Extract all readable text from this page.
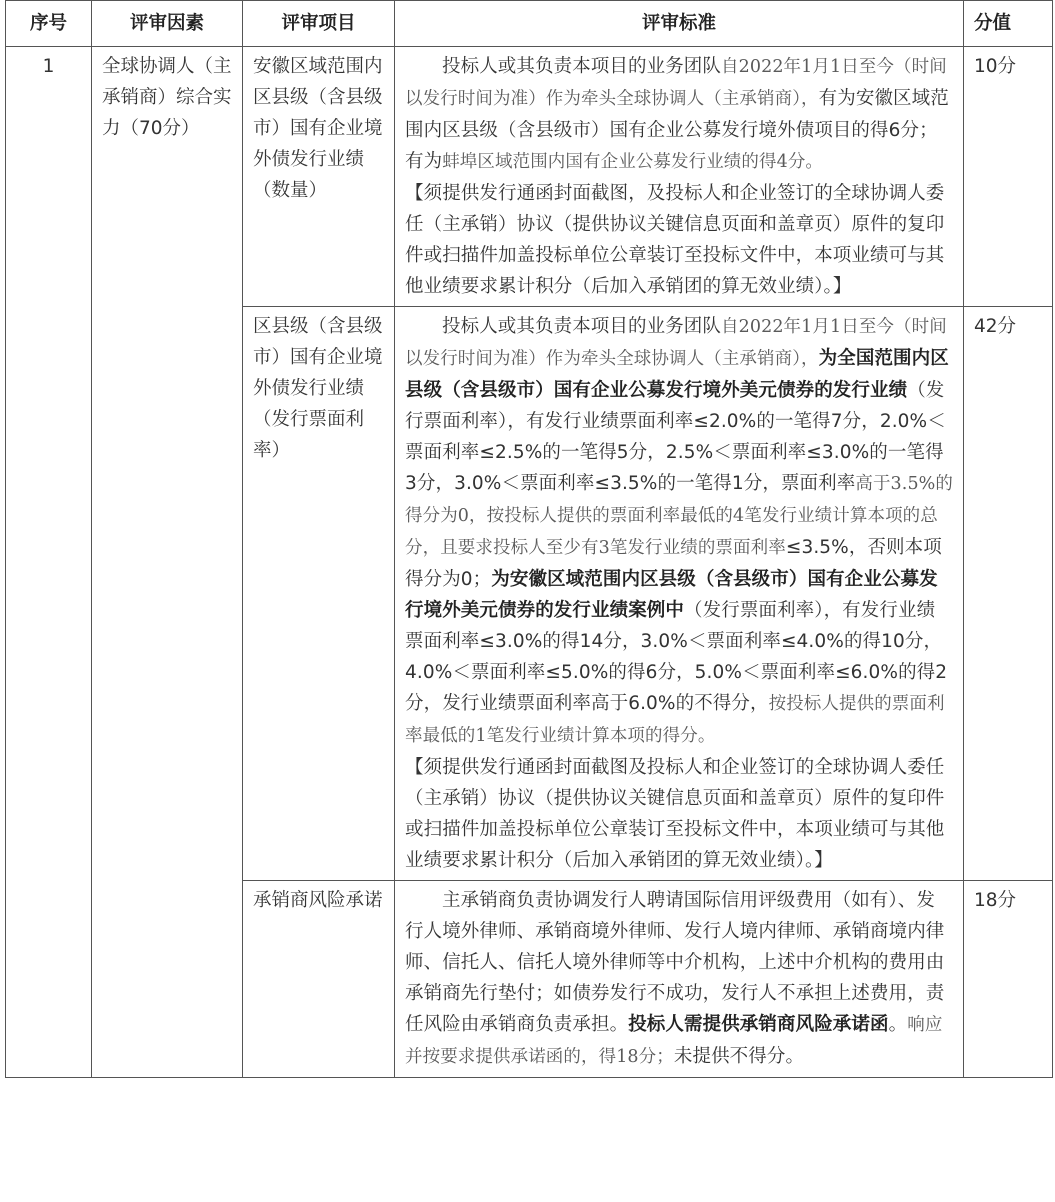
序号	评审因素	评审项目	评审标准	分值
1	全球协调人（主承销商）综合实力（70分）	安徽区域范围内区县级（含县级市）国有企业境外债发行业绩（数量）	投标人或其负责本项目的业务团队自2022年1月1日至今（时间以发行时间为准）作为牵头全球协调人（主承销商），有为安徽区域范围内区县级（含县级市）国有企业公募发行境外债项目的得6分；有为蚌埠区域范围内国有企业公募发行业绩的得4分。

【须提供发行通函封面截图，及投标人和企业签订的全球协调人委任（主承销）协议（提供协议关键信息页面和盖章页）原件的复印件或扫描件加盖投标单位公章装订至投标文件中，本项业绩可与其他业绩要求累计积分（后加入承销团的算无效业绩）。】	10分
		区县级（含县级市）国有企业境外债发行业绩（发行票面利率）	投标人或其负责本项目的业务团队自2022年1月1日至今（时间以发行时间为准）作为牵头全球协调人（主承销商），为全国范围内区县级（含县级市）国有企业公募发行境外美元债券的发行业绩（发行票面利率），有发行业绩票面利率≤2.0%的一笔得7分，2.0%＜票面利率≤2.5%的一笔得5分，2.5%＜票面利率≤3.0%的一笔得3分，3.0%＜票面利率≤3.5%的一笔得1分，票面利率高于3.5%的得分为0，按投标人提供的票面利率最低的4笔发行业绩计算本项的总分，且要求投标人至少有3笔发行业绩的票面利率≤3.5%，否则本项得分为0；为安徽区域范围内区县级（含县级市）国有企业公募发行境外美元债券的发行业绩案例中（发行票面利率），有发行业绩票面利率≤3.0%的得14分，3.0%＜票面利率≤4.0%的得10分，4.0%＜票面利率≤5.0%的得6分，5.0%＜票面利率≤6.0%的得2分，发行业绩票面利率高于6.0%的不得分，按投标人提供的票面利率最低的1笔发行业绩计算本项的得分。

【须提供发行通函封面截图及投标人和企业签订的全球协调人委任（主承销）协议（提供协议关键信息页面和盖章页）原件的复印件或扫描件加盖投标单位公章装订至投标文件中，本项业绩可与其他业绩要求累计积分（后加入承销团的算无效业绩）。】	42分
		承销商风险承诺	主承销商负责协调发行人聘请国际信用评级费用（如有）、发行人境外律师、承销商境外律师、发行人境内律师、承销商境内律师、信托人、信托人境外律师等中介机构，上述中介机构的费用由承销商先行垫付；如债券发行不成功，发行人不承担上述费用，责任风险由承销商负责承担。投标人需提供承销商风险承诺函。响应并按要求提供承诺函的，得18分；未提供不得分。	18分
